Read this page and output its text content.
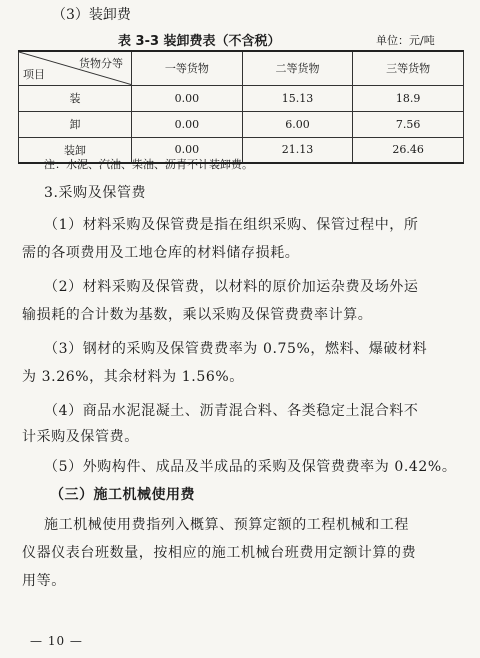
（3）装卸费
表 3-3 装卸费表（不含税）	单位：元/吨
货物分等
项目	一等货物	二等货物	三等货物
装	0.00	15.13	18.9
卸	0.00	6.00	7.56
装卸	0.00	21.13	26.46
注：水泥、汽油、柴油、沥青不计装卸费。
3.采购及保管费
（1）材料采购及保管费是指在组织采购、保管过程中，所
需的各项费用及工地仓库的材料储存损耗。
（2）材料采购及保管费，以材料的原价加运杂费及场外运
输损耗的合计数为基数，乘以采购及保管费费率计算。
（3）钢材的采购及保管费费率为 0.75%，燃料、爆破材料
为 3.26%，其余材料为 1.56%。
（4）商品水泥混凝土、沥青混合料、各类稳定土混合料不
计采购及保管费。
（5）外购构件、成品及半成品的采购及保管费费率为 0.42%。
（三）施工机械使用费
施工机械使用费指列入概算、预算定额的工程机械和工程
仪器仪表台班数量，按相应的施工机械台班费用定额计算的费
用等。
— 10 —
